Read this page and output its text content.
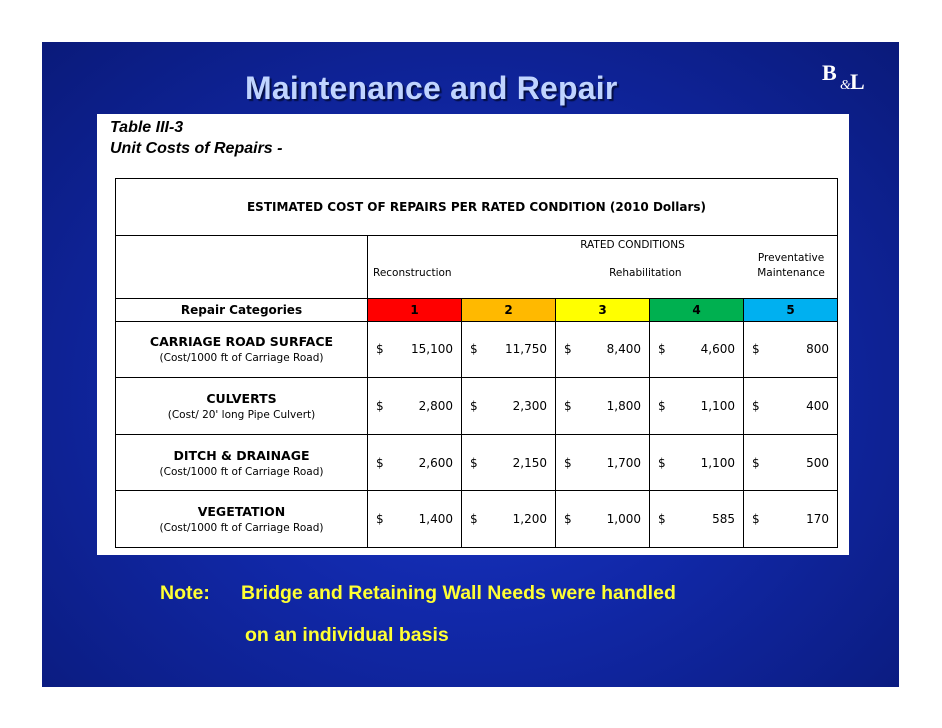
Maintenance and Repair	B
& L
Table III-3
Unit Costs of Repairs -
ESTIMATED COST OF REPAIRS PER RATED CONDITION (2010 Dollars)					

	RATED CONDITIONS
Reconstruction Rehabilitation
Preventative
Maintenance				

Repair Categories	1	2	3	4	5

CARRIAGE ROAD SURFACE
(Cost/1000 ft of Carriage Road)	$ 15,100	$ 11,750	$ 8,400	$ 4,600	$ 800

CULVERTS
(Cost/ 20' long Pipe Culvert)	$ 2,800	$ 2,300	$ 1,800	$ 1,100	$ 400

DITCH & DRAINAGE
(Cost/1000 ft of Carriage Road)	$ 2,600	$ 2,150	$ 1,700	$ 1,100	$ 500

VEGETATION
(Cost/1000 ft of Carriage Road)	$ 1,400	$ 1,200	$ 1,000	$ 585	$ 170
Note: Bridge and Retaining Wall Needs were handled
on an individual basis
